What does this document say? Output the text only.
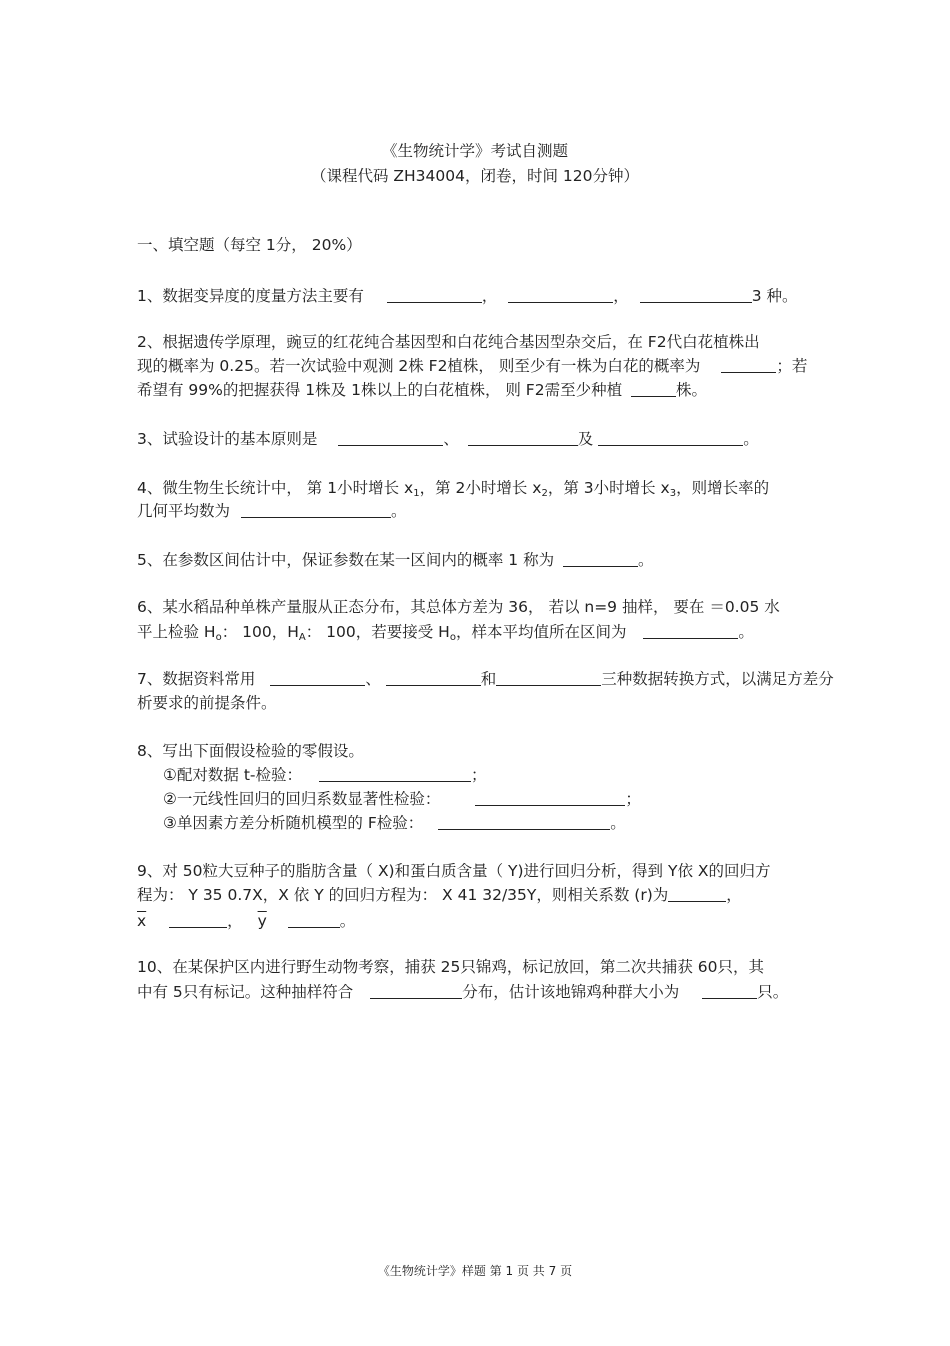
《生物统计学》考试自测题
（课程代码 ZH34004，闭卷，时间 120分钟）
一、填空题（每空 1分， 20%）
1、数据变异度的度量方法主要有	，	，	3 种。
2、根据遗传学原理，豌豆的红花纯合基因型和白花纯合基因型杂交后，在 F2代白花植株出
现的概率为 0.25。若一次试验中观测 2株 F2植株， 则至少有一株为白花的概率为	；若
希望有 99%的把握获得 1株及 1株以上的白花植株， 则 F2需至少种植	株。
3、试验设计的基本原则是	、	及	。
4、微生物生长统计中， 第 1小时增长 $x_1$，第 2小时增长 $x_2$，第 3小时增长 $x_3$，则增长率的
几何平均数为	。
5、在参数区间估计中，保证参数在某一区间内的概率 1 称为	。
6、某水稻品种单株产量服从正态分布，其总体方差为 36， 若以 n=9 抽样， 要在 ＝0.05 水
平上检验 $H_o$： 100，$H_A$： 100，若要接受 $H_o$，样本平均值所在区间为	。
7、数据资料常用	、	和	三种数据转换方式，以满足方差分
析要求的前提条件。
8、写出下面假设检验的零假设。
①配对数据 t-检验：	；
②一元线性回归的回归系数显著性检验：	；
③单因素方差分析随机模型的 F检验：	。
9、对 50粒大豆种子的脂肪含量（ X)和蛋白质含量（ Y)进行回归分析，得到 Y依 X的回归方
程为： Y 35 0.7X，X 依 Y 的回归方程为： X 41 32/35Y，则相关系数 (r)为	，
$\overline{x}$	， $\overline{y}$	。
10、在某保护区内进行野生动物考察，捕获 25只锦鸡，标记放回，第二次共捕获 60只，其
中有 5只有标记。这种抽样符合	分布，估计该地锦鸡种群大小为	只。
《生物统计学》样题 第 1 页 共 7 页
